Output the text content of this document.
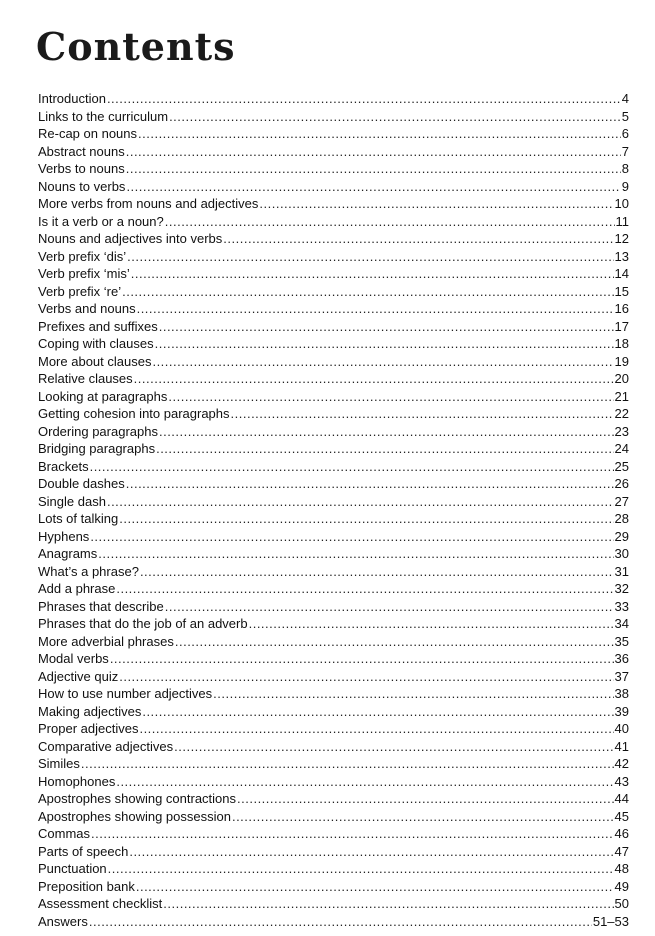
Contents
Introduction .....	4
Links to the curriculum .....	5
Re-cap on nouns .....	6
Abstract nouns .....	7
Verbs to nouns .....	8
Nouns to verbs .....	9
More verbs from nouns and adjectives .....	10
Is it a verb or a noun? .....	11
Nouns and adjectives into verbs .....	12
Verb prefix ‘dis’ .....	13
Verb prefix ‘mis’ .....	14
Verb prefix ‘re’ .....	15
Verbs and nouns .....	16
Prefixes and suffixes .....	17
Coping with clauses .....	18
More about clauses .....	19
Relative clauses .....	20
Looking at paragraphs .....	21
Getting cohesion into paragraphs .....	22
Ordering paragraphs .....	23
Bridging paragraphs .....	24
Brackets .....	25
Double dashes .....	26
Single dash .....	27
Lots of talking .....	28
Hyphens .....	29
Anagrams .....	30
What’s a phrase? .....	31
Add a phrase .....	32
Phrases that describe .....	33
Phrases that do the job of an adverb .....	34
More adverbial phrases .....	35
Modal verbs .....	36
Adjective quiz .....	37
How to use number adjectives .....	38
Making adjectives .....	39
Proper adjectives .....	40
Comparative adjectives .....	41
Similes .....	42
Homophones .....	43
Apostrophes showing contractions .....	44
Apostrophes showing possession .....	45
Commas .....	46
Parts of speech .....	47
Punctuation .....	48
Preposition bank .....	49
Assessment checklist .....	50
Answers .....	51–53
